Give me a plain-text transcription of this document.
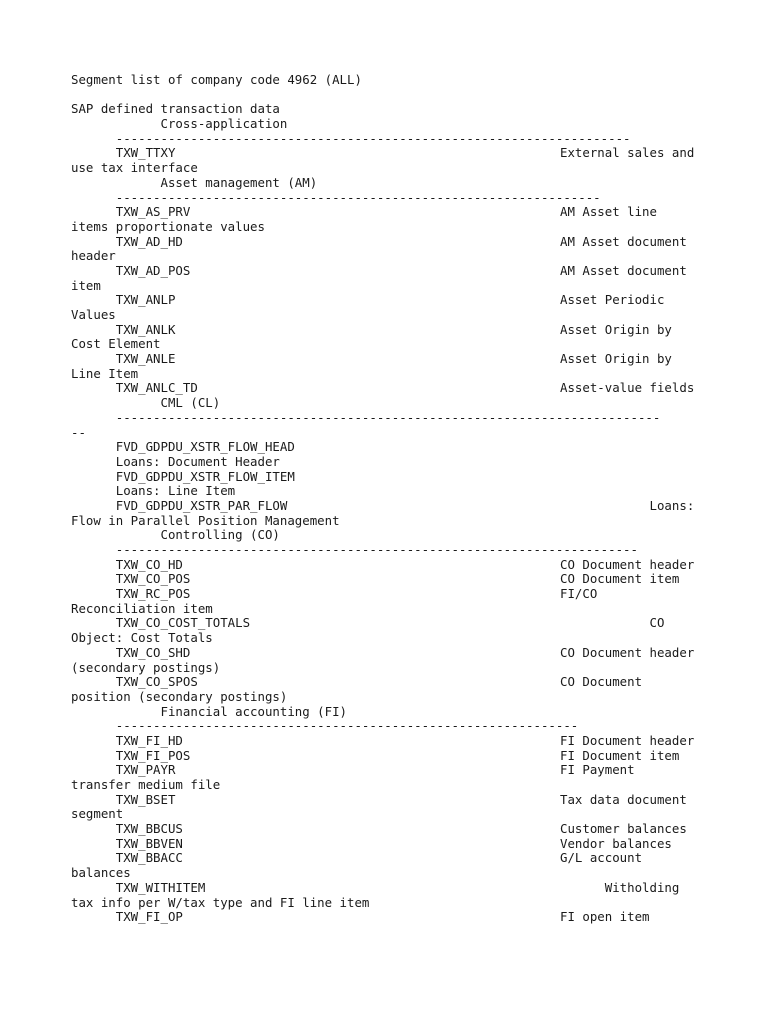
Segment list of company code 4962 (ALL)
SAP defined transaction data
Cross-application
---------------------------------------------------------------------
TXW_TTXY	External sales and
use tax interface
Asset management (AM)
-----------------------------------------------------------------
TXW_AS_PRV	AM Asset line
items proportionate values
TXW_AD_HD	AM Asset document
header
TXW_AD_POS	AM Asset document
item
TXW_ANLP	Asset Periodic
Values
TXW_ANLK	Asset Origin by
Cost Element
TXW_ANLE	Asset Origin by
Line Item
TXW_ANLC_TD	Asset-value fields
CML (CL)
-------------------------------------------------------------------------
--
FVD_GDPDU_XSTR_FLOW_HEAD
Loans: Document Header
FVD_GDPDU_XSTR_FLOW_ITEM
Loans: Line Item
FVD_GDPDU_XSTR_PAR_FLOW	Loans:
Flow in Parallel Position Management
Controlling (CO)
----------------------------------------------------------------------
TXW_CO_HD	CO Document header
TXW_CO_POS	CO Document item
TXW_RC_POS	FI/CO
Reconciliation item
TXW_CO_COST_TOTALS	CO
Object: Cost Totals
TXW_CO_SHD	CO Document header
(secondary postings)
TXW_CO_SPOS	CO Document
position (secondary postings)
Financial accounting (FI)
--------------------------------------------------------------
TXW_FI_HD	FI Document header
TXW_FI_POS	FI Document item
TXW_PAYR	FI Payment
transfer medium file
TXW_BSET	Tax data document
segment
TXW_BBCUS	Customer balances
TXW_BBVEN	Vendor balances
TXW_BBACC	G/L account
balances
TXW_WITHITEM	Witholding
tax info per W/tax type and FI line item
TXW_FI_OP	FI open item
